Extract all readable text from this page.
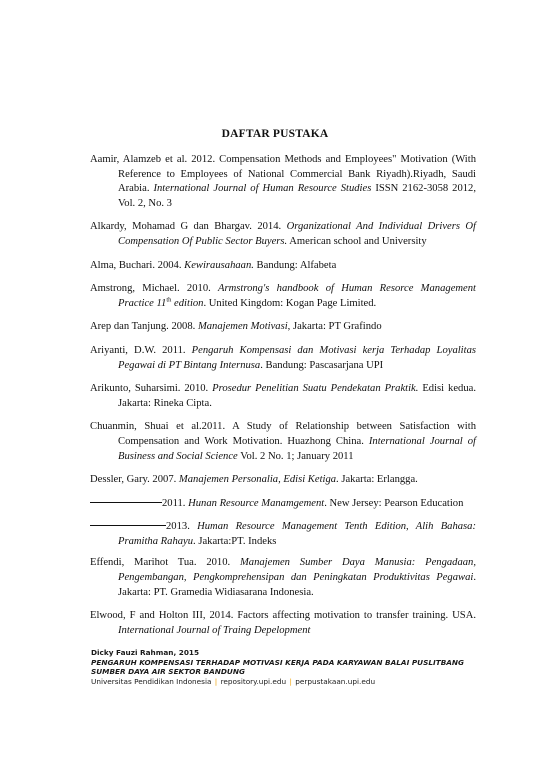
DAFTAR PUSTAKA
Aamir, Alamzeb et al. 2012. Compensation Methods and Employees" Motivation (With Reference to Employees of National Commercial Bank Riyadh).Riyadh, Saudi Arabia. International Journal of Human Resource Studies ISSN 2162-3058 2012, Vol. 2, No. 3
Alkardy, Mohamad G dan Bhargav. 2014. Organizational And Individual Drivers Of Compensation Of Public Sector Buyers. American school and University
Alma, Buchari. 2004. Kewirausahaan. Bandung: Alfabeta
Amstrong, Michael. 2010. Armstrong's handbook of Human Resorce Management Practice 11th edition. United Kingdom: Kogan Page Limited.
Arep dan Tanjung. 2008. Manajemen Motivasi, Jakarta: PT Grafindo
Ariyanti, D.W. 2011. Pengaruh Kompensasi dan Motivasi kerja Terhadap Loyalitas Pegawai di PT Bintang Internusa. Bandung: Pascasarjana UPI
Arikunto, Suharsimi. 2010. Prosedur Penelitian Suatu Pendekatan Praktik. Edisi kedua. Jakarta: Rineka Cipta.
Chuanmin, Shuai et al.2011. A Study of Relationship between Satisfaction with Compensation and Work Motivation. Huazhong China. International Journal of Business and Social Science Vol. 2 No. 1; January 2011
Dessler, Gary. 2007. Manajemen Personalia, Edisi Ketiga. Jakarta: Erlangga.
2011. Hunan Resource Manamgement. New Jersey: Pearson Education
2013. Human Resource Management Tenth Edition, Alih Bahasa: Pramitha Rahayu. Jakarta:PT. Indeks
Effendi, Marihot Tua. 2010. Manajemen Sumber Daya Manusia: Pengadaan, Pengembangan, Pengkomprehensipan dan Peningkatan Produktivitas Pegawai. Jakarta: PT. Gramedia Widiasarana Indonesia.
Elwood, F and Holton III, 2014. Factors affecting motivation to transfer training. USA. International Journal of Traing Depelopment
Dicky Fauzi Rahman, 2015
PENGARUH KOMPENSASI TERHADAP MOTIVASI KERJA PADA KARYAWAN BALAI PUSLITBANG
SUMBER DAYA AIR SEKTOR BANDUNG
Universitas Pendidikan Indonesia | repository.upi.edu | perpustakaan.upi.edu
